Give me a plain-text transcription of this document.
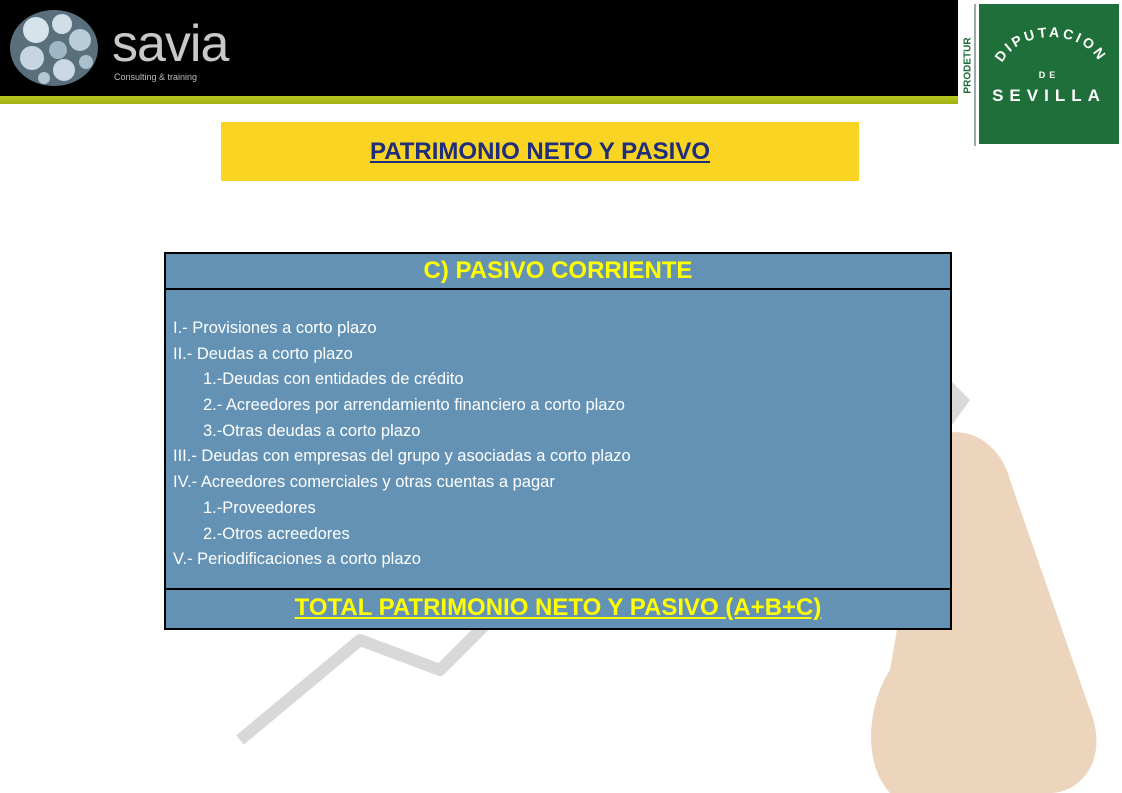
savia
Consulting & training	PRODETUR DIPUTACION
DE
SEVILLA
PATRIMONIO NETO Y PASIVO
C) PASIVO CORRIENTE
I.- Provisiones a corto plazo
II.- Deudas a corto plazo
1.-Deudas con entidades de crédito
2.- Acreedores por arrendamiento financiero a corto plazo
3.-Otras deudas a corto plazo
III.- Deudas con empresas del grupo y asociadas a corto plazo
IV.- Acreedores comerciales y otras cuentas a pagar
1.-Proveedores
2.-Otros acreedores
V.- Periodificaciones a corto plazo
TOTAL PATRIMONIO NETO Y PASIVO (A+B+C)
